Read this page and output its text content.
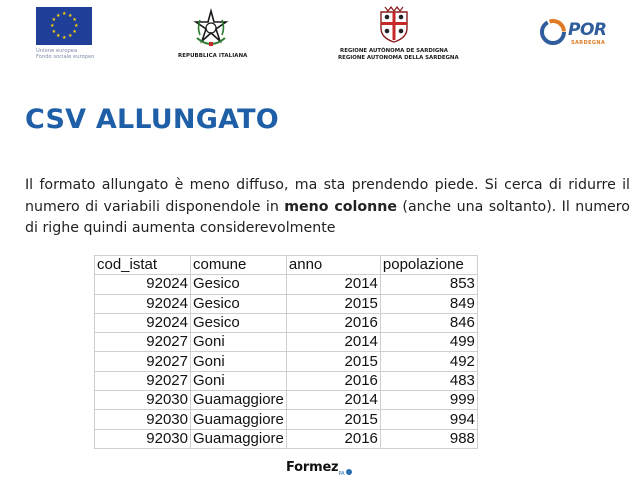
★
★
★
★
★
★
★
★
★ ★ ★
★
Unione europea
Fondo sociale europeo	REPUBBLICA ITALIANA
REGIONE AUTÒNOMA DE SARDIGNA
REGIONE AUTONOMA DELLA SARDEGNA
POR
SARDEGNA
CSV ALLUNGATO

Il formato allungato è meno diffuso, ma sta prendendo piede. Si cerca di ridurre il numero di variabili disponendole in meno colonne (anche una soltanto). Il numero di righe quindi aumenta considerevolmente

cod_istat	comune	anno	popolazione
92024	Gesico	2014	853
92024	Gesico	2015	849
92024	Gesico	2016	846
92027	Goni	2014	499
92027	Goni	2015	492
92027	Goni	2016	483
92030	Guamaggiore	2014	999
92030	Guamaggiore	2015	994
92030	Guamaggiore	2016	988
Formez$_{PA}$
